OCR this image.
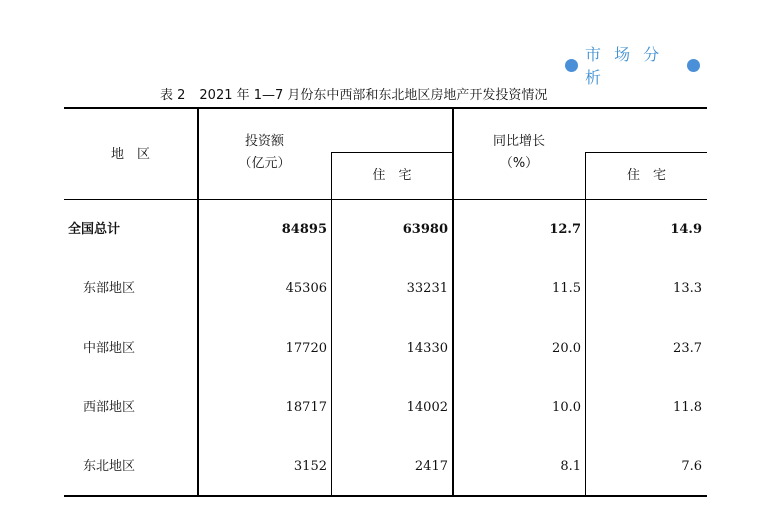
市 场 分 析
表 2 2021 年 1—7 月份东中西部和东北地区房地产开发投资情况
地　区
投资额
（亿元）
住　宅
同比增长
（%）
住　宅
全国总计	84895	63980	12.7	14.9
东部地区	45306	33231	11.5	13.3
中部地区	17720	14330	20.0	23.7
西部地区	18717	14002	10.0	11.8
东北地区	3152	2417	8.1	7.6
